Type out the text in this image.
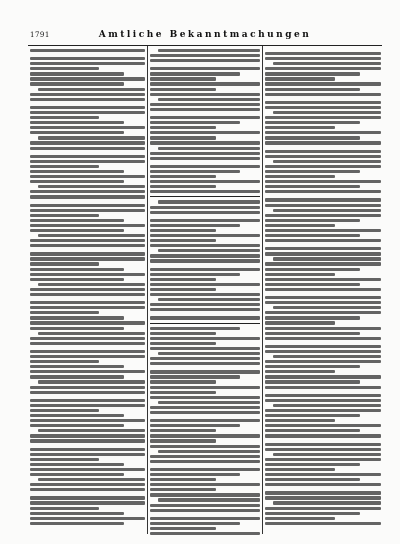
1791	Amtliche Bekanntmachungen
